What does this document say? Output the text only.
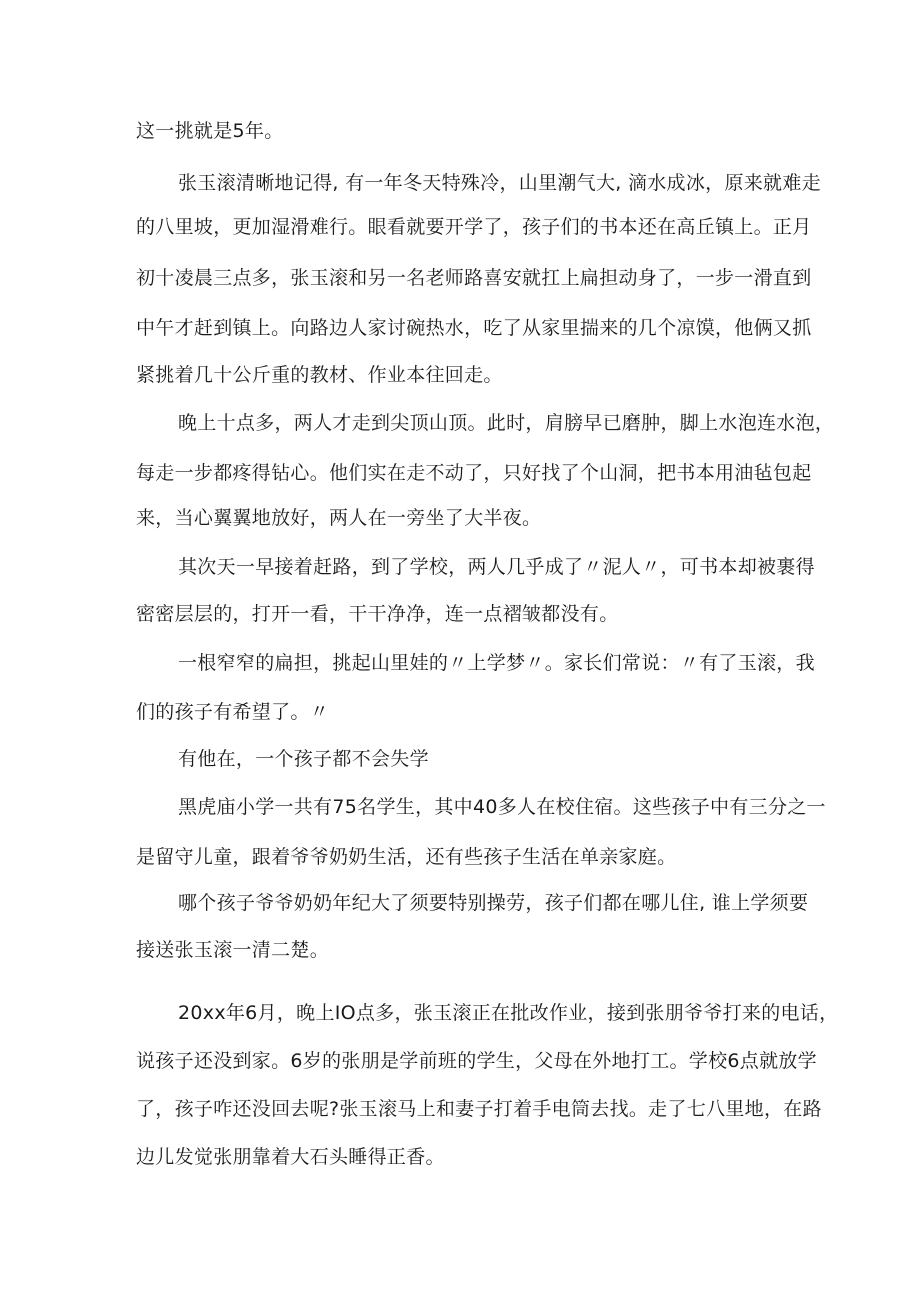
这一挑就是5年。
张玉滚清晰地记得, 有一年冬天特殊冷，山里潮气大, 滴水成冰，原来就难走
的八里坡，更加湿滑难行。眼看就要开学了，孩子们的书本还在高丘镇上。正月
初十凌晨三点多，张玉滚和另一名老师路喜安就扛上扁担动身了，一步一滑直到
中午才赶到镇上。向路边人家讨碗热水，吃了从家里揣来的几个凉馍，他俩又抓
紧挑着几十公斤重的教材、作业本往回走。
晚上十点多，两人才走到尖顶山顶。此时，肩膀早已磨肿，脚上水泡连水泡，
每走一步都疼得钻心。他们实在走不动了，只好找了个山洞，把书本用油毡包起
来，当心翼翼地放好，两人在一旁坐了大半夜。
其次天一早接着赶路，到了学校，两人几乎成了〃泥人〃，可书本却被裹得
密密层层的，打开一看，干干净净，连一点褶皱都没有。
一根窄窄的扁担，挑起山里娃的〃上学梦〃。家长们常说：〃有了玉滚，我
们的孩子有希望了。〃
有他在，一个孩子都不会失学
黑虎庙小学一共有75名学生，其中40多人在校住宿。这些孩子中有三分之一
是留守儿童，跟着爷爷奶奶生活，还有些孩子生活在单亲家庭。
哪个孩子爷爷奶奶年纪大了须要特别操劳，孩子们都在哪儿住, 谁上学须要
接送张玉滚一清二楚。
20xx年6月，晚上IO点多，张玉滚正在批改作业，接到张朋爷爷打来的电话，
说孩子还没到家。6岁的张朋是学前班的学生，父母在外地打工。学校6点就放学
了，孩子咋还没回去呢?张玉滚马上和妻子打着手电筒去找。走了七八里地，在路
边儿发觉张朋靠着大石头睡得正香。
